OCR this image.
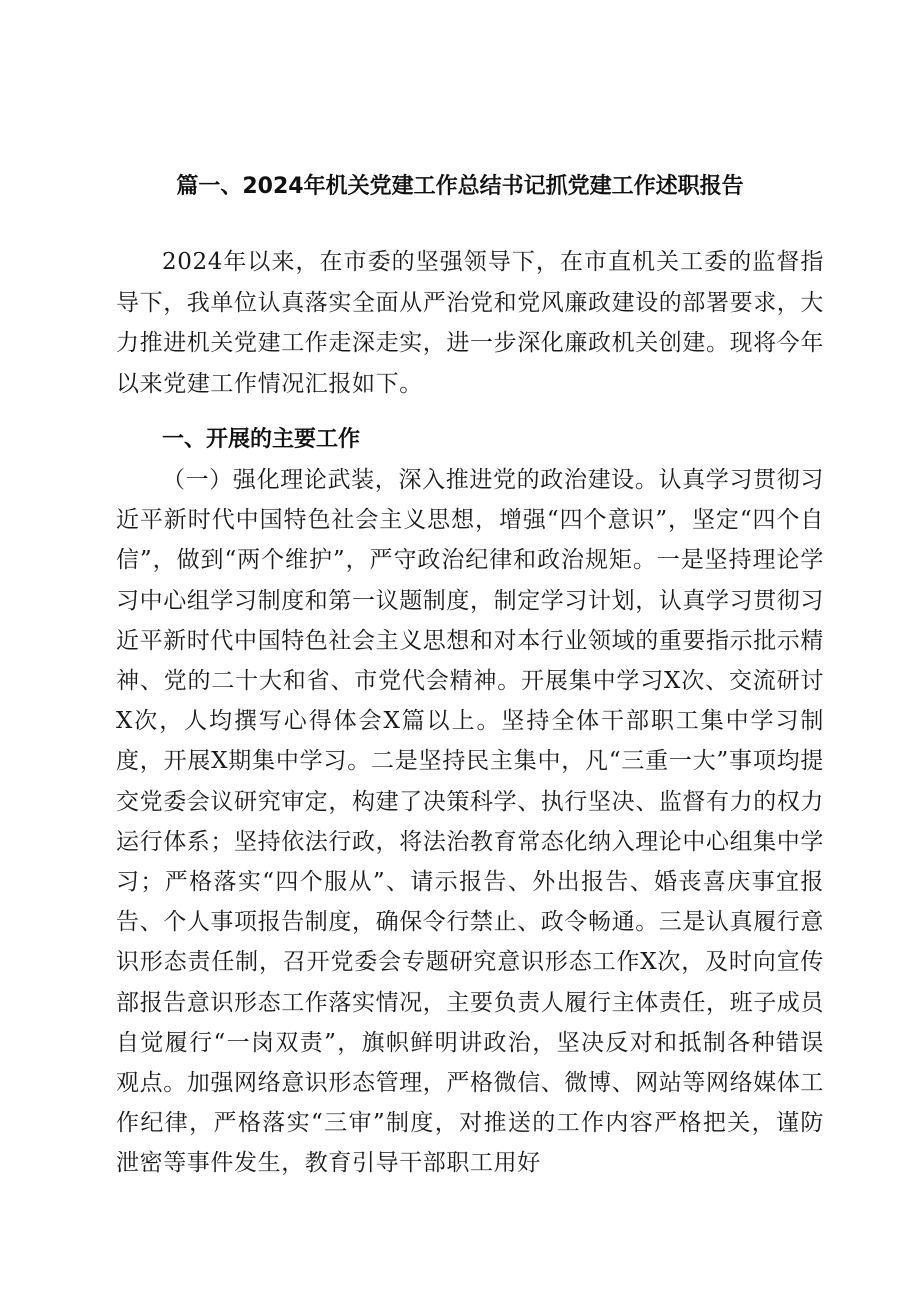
篇一、2024年机关党建工作总结书记抓党建工作述职报告

2024年以来，在市委的坚强领导下，在市直机关工委的监督指导下，我单位认真落实全面从严治党和党风廉政建设的部署要求，大力推进机关党建工作走深走实，进一步深化廉政机关创建。现将今年以来党建工作情况汇报如下。

一、开展的主要工作

（一）强化理论武装，深入推进党的政治建设。认真学习贯彻习近平新时代中国特色社会主义思想，增强“四个意识”，坚定“四个自信”，做到“两个维护”，严守政治纪律和政治规矩。一是坚持理论学习中心组学习制度和第一议题制度，制定学习计划，认真学习贯彻习近平新时代中国特色社会主义思想和对本行业领域的重要指示批示精神、党的二十大和省、市党代会精神。开展集中学习X次、交流研讨X次，人均撰写心得体会X篇以上。坚持全体干部职工集中学习制度，开展X期集中学习。二是坚持民主集中，凡“三重一大”事项均提交党委会议研究审定，构建了决策科学、执行坚决、监督有力的权力运行体系；坚持依法行政，将法治教育常态化纳入理论中心组集中学习；严格落实“四个服从”、请示报告、外出报告、婚丧喜庆事宜报告、个人事项报告制度，确保令行禁止、政令畅通。三是认真履行意识形态责任制，召开党委会专题研究意识形态工作X次，及时向宣传部报告意识形态工作落实情况，主要负责人履行主体责任，班子成员自觉履行“一岗双责”，旗帜鲜明讲政治，坚决反对和抵制各种错误观点。加强网络意识形态管理，严格微信、微博、网站等网络媒体工作纪律，严格落实“三审”制度，对推送的工作内容严格把关，谨防泄密等事件发生，教育引导干部职工用好
